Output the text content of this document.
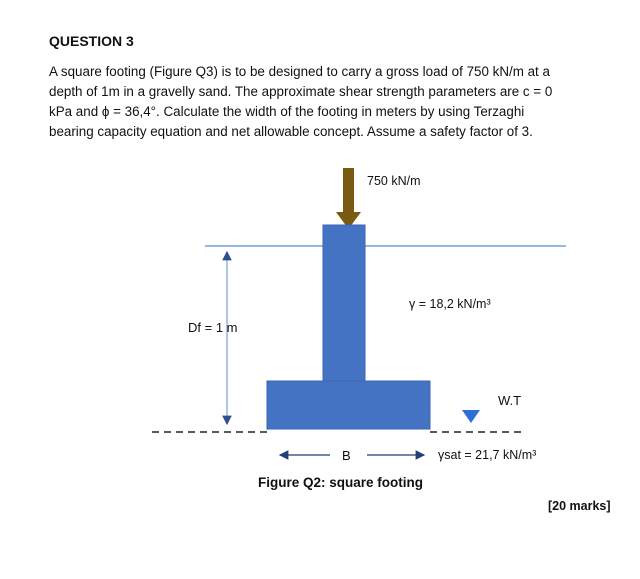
QUESTION 3
A square footing (Figure Q3) is to be designed to carry a gross load of 750 kN/m at a
depth of 1m in a gravelly sand. The approximate shear strength parameters are c = 0
kPa and ϕ = 36,4°. Calculate the width of the footing in meters by using Terzaghi
bearing capacity equation and net allowable concept. Assume a safety factor of 3.
750 kN/m
γ = 18,2 kN/m³
Df = 1 m
W.T
B	γsat = 21,7 kN/m³
Figure Q2: square footing
[20 marks]
